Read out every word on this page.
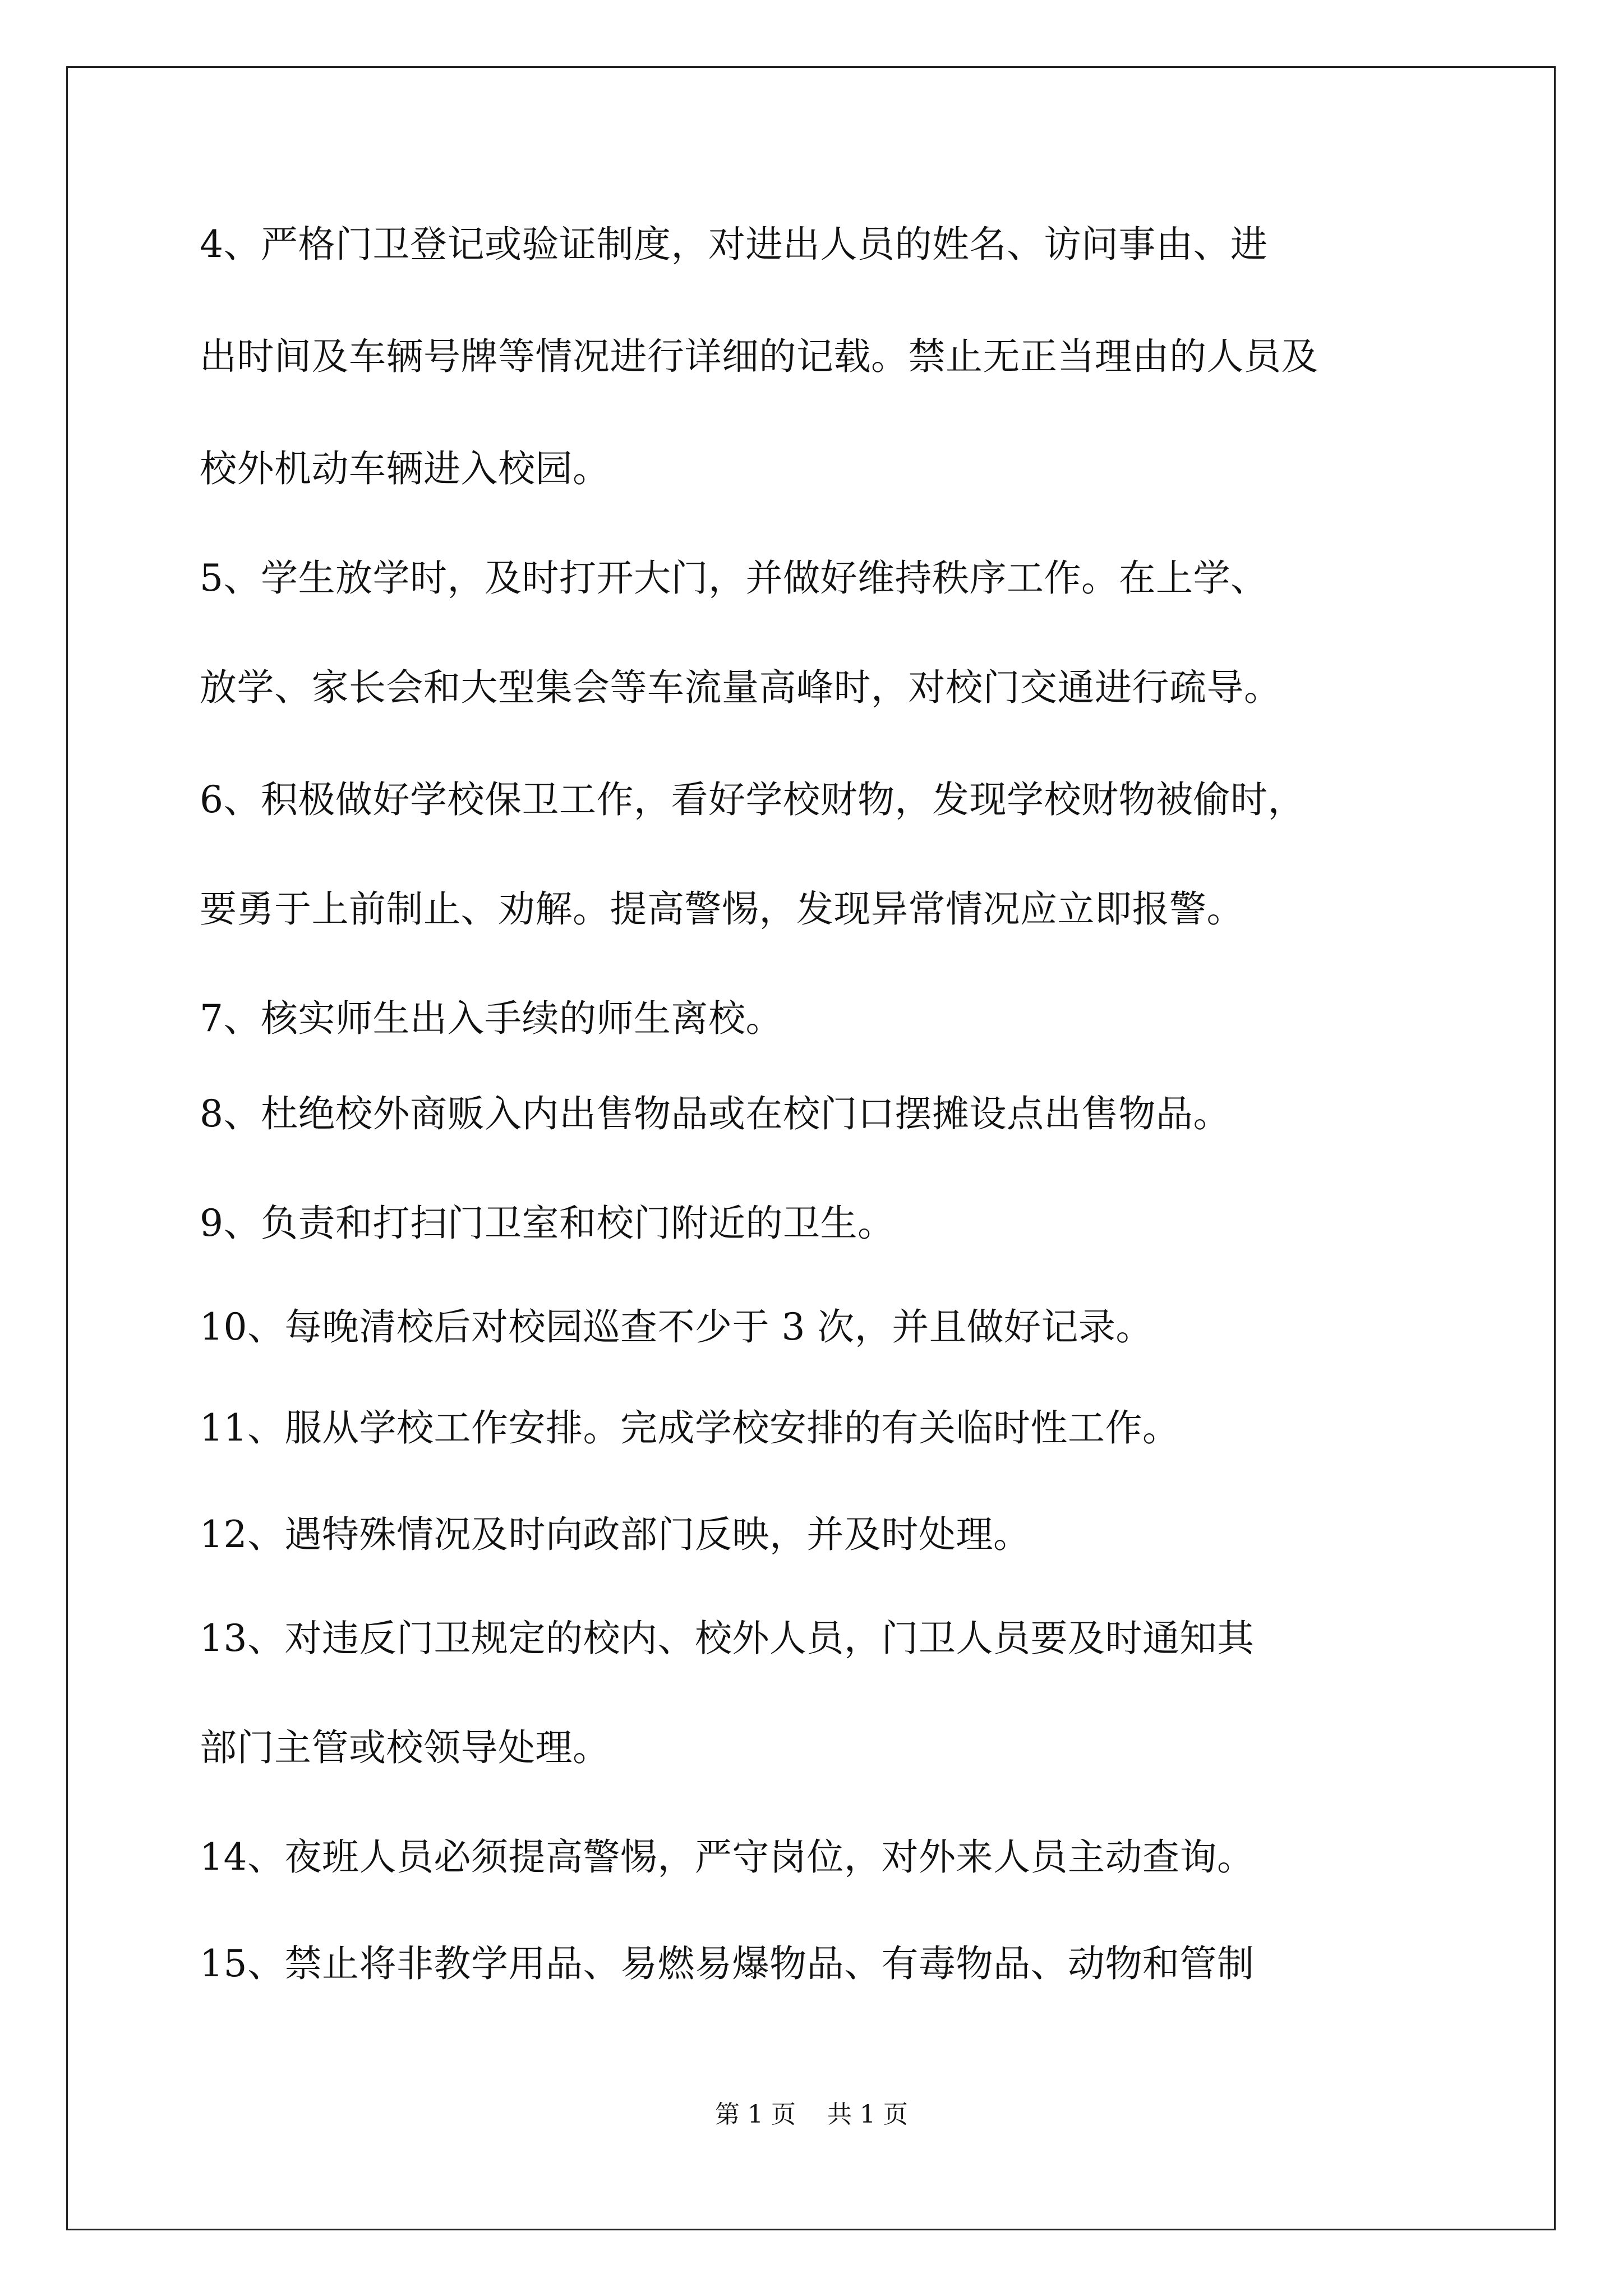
4、严格门卫登记或验证制度，对进出人员的姓名、访问事由、进
出时间及车辆号牌等情况进行详细的记载。禁止无正当理由的人员及
校外机动车辆进入校园。
5、学生放学时，及时打开大门，并做好维持秩序工作。在上学、
放学、家长会和大型集会等车流量高峰时，对校门交通进行疏导。
6、积极做好学校保卫工作，看好学校财物，发现学校财物被偷时，
要勇于上前制止、劝解。提高警惕，发现异常情况应立即报警。
7、核实师生出入手续的师生离校。
8、杜绝校外商贩入内出售物品或在校门口摆摊设点出售物品。
9、负责和打扫门卫室和校门附近的卫生。
10、每晚清校后对校园巡查不少于 3 次，并且做好记录。
11、服从学校工作安排。完成学校安排的有关临时性工作。
12、遇特殊情况及时向政部门反映，并及时处理。
13、对违反门卫规定的校内、校外人员，门卫人员要及时通知其
部门主管或校领导处理。
14、夜班人员必须提高警惕，严守岗位，对外来人员主动查询。
15、禁止将非教学用品、易燃易爆物品、有毒物品、动物和管制
第 1 页    共 1 页
